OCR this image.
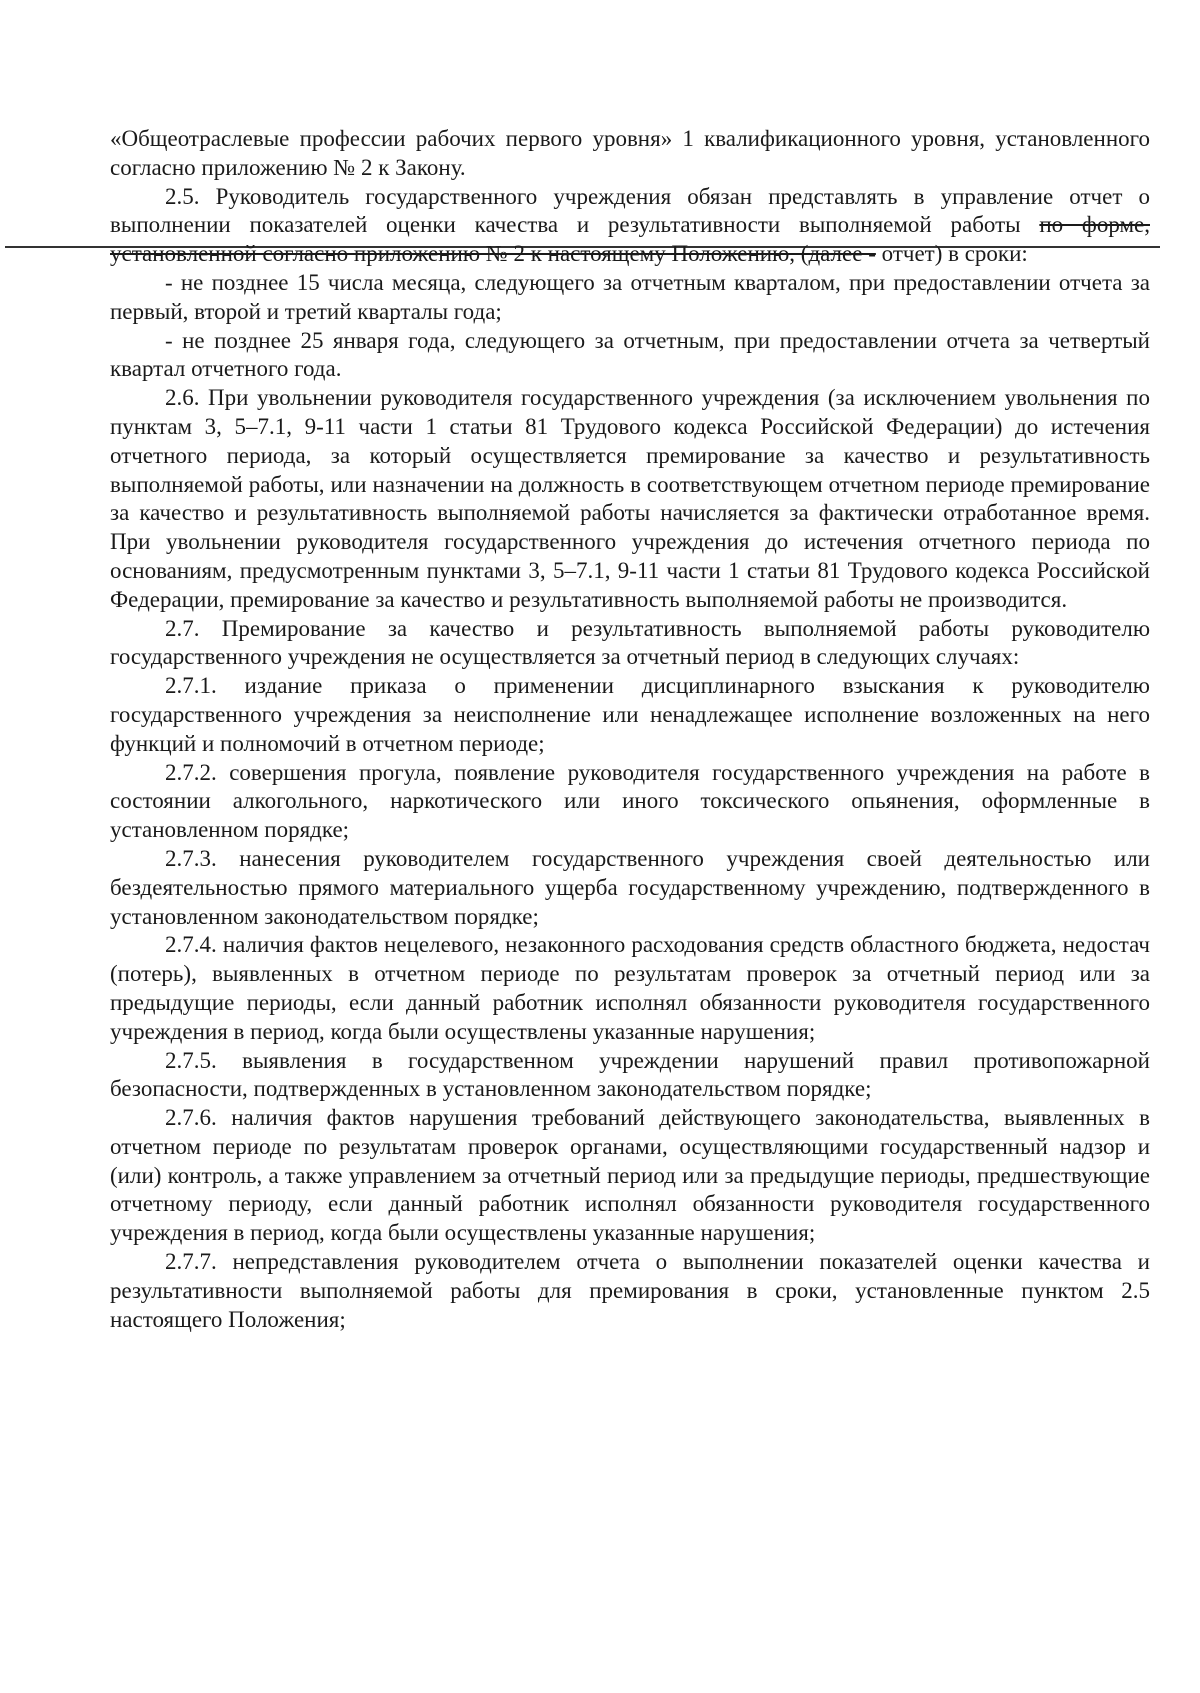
«Общеотраслевые профессии рабочих первого уровня» 1 квалификационного уровня, установленного согласно приложению № 2 к Закону.

2.5. Руководитель государственного учреждения обязан представлять в управление отчет о выполнении показателей оценки качества и результативности выполняемой работы по форме, установленной согласно приложению № 2 к настоящему Положению, (далее - отчет) в сроки:

- не позднее 15 числа месяца, следующего за отчетным кварталом, при предоставлении отчета за первый, второй и третий кварталы года;

- не позднее 25 января года, следующего за отчетным, при предоставлении отчета за четвертый квартал отчетного года.

2.6. При увольнении руководителя государственного учреждения (за исключением увольнения по пунктам 3, 5–7.1, 9-11 части 1 статьи 81 Трудового кодекса Российской Федерации) до истечения отчетного периода, за который осуществляется премирование за качество и результативность выполняемой работы, или назначении на должность в соответствующем отчетном периоде премирование за качество и результативность выполняемой работы начисляется за фактически отработанное время. При увольнении руководителя государственного учреждения до истечения отчетного периода по основаниям, предусмотренным пунктами 3, 5–7.1, 9-11 части 1 статьи 81 Трудового кодекса Российской Федерации, премирование за качество и результативность выполняемой работы не производится.

2.7. Премирование за качество и результативность выполняемой работы руководителю государственного учреждения не осуществляется за отчетный период в следующих случаях:

2.7.1. издание приказа о применении дисциплинарного взыскания к руководителю государственного учреждения за неисполнение или ненадлежащее исполнение возложенных на него функций и полномочий в отчетном периоде;

2.7.2. совершения прогула, появление руководителя государственного учреждения на работе в состоянии алкогольного, наркотического или иного токсического опьянения, оформленные в установленном порядке;

2.7.3. нанесения руководителем государственного учреждения своей деятельностью или бездеятельностью прямого материального ущерба государственному учреждению, подтвержденного в установленном законодательством порядке;

2.7.4. наличия фактов нецелевого, незаконного расходования средств областного бюджета, недостач (потерь), выявленных в отчетном периоде по результатам проверок за отчетный период или за предыдущие периоды, если данный работник исполнял обязанности руководителя государственного учреждения в период, когда были осуществлены указанные нарушения;

2.7.5. выявления в государственном учреждении нарушений правил противопожарной безопасности, подтвержденных в установленном законодательством порядке;

2.7.6. наличия фактов нарушения требований действующего законодательства, выявленных в отчетном периоде по результатам проверок органами, осуществляющими государственный надзор и (или) контроль, а также управлением за отчетный период или за предыдущие периоды, предшествующие отчетному периоду, если данный работник исполнял обязанности руководителя государственного учреждения в период, когда были осуществлены указанные нарушения;

2.7.7. непредставления руководителем отчета о выполнении показателей оценки качества и результативности выполняемой работы для премирования в сроки, установленные пунктом 2.5 настоящего Положения;
